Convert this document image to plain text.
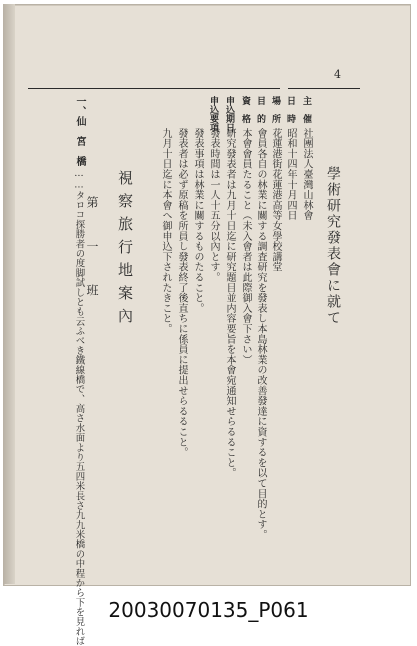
4
學術研究發表會に就て
主　催
社團法人臺灣山林會
日　時
昭和十四年十月四日
場　所
花蓮港街花蓮港高等女學校講堂
目　的
會員各自の林業に關する調査研究を發表し本島林業の改善發達に資するを以て目的とす。
資　格
本會會員たること（未入會者は此際御入會下さい）
申込期日
研究發表者は九月十日迄に研究題目並内容要旨を本會宛通知せらるること。
申込要項
發表時間は一人十五分以內とす。
發表事項は林業に關するものたること。
發表者は必ず原稿を所員し發表終了後直ちに係員に提出せらるること。
九月十日迄に本會へ御申込下されたきこと。
視察旅行地案內
第　一　班
一、仙　宮　橋
……タロコ探勝者の度脚試しとも云ふべき鐵線橋で、高さ水面より五四米長さ九九米橋の中程から下を見れば	20030070135_P061
